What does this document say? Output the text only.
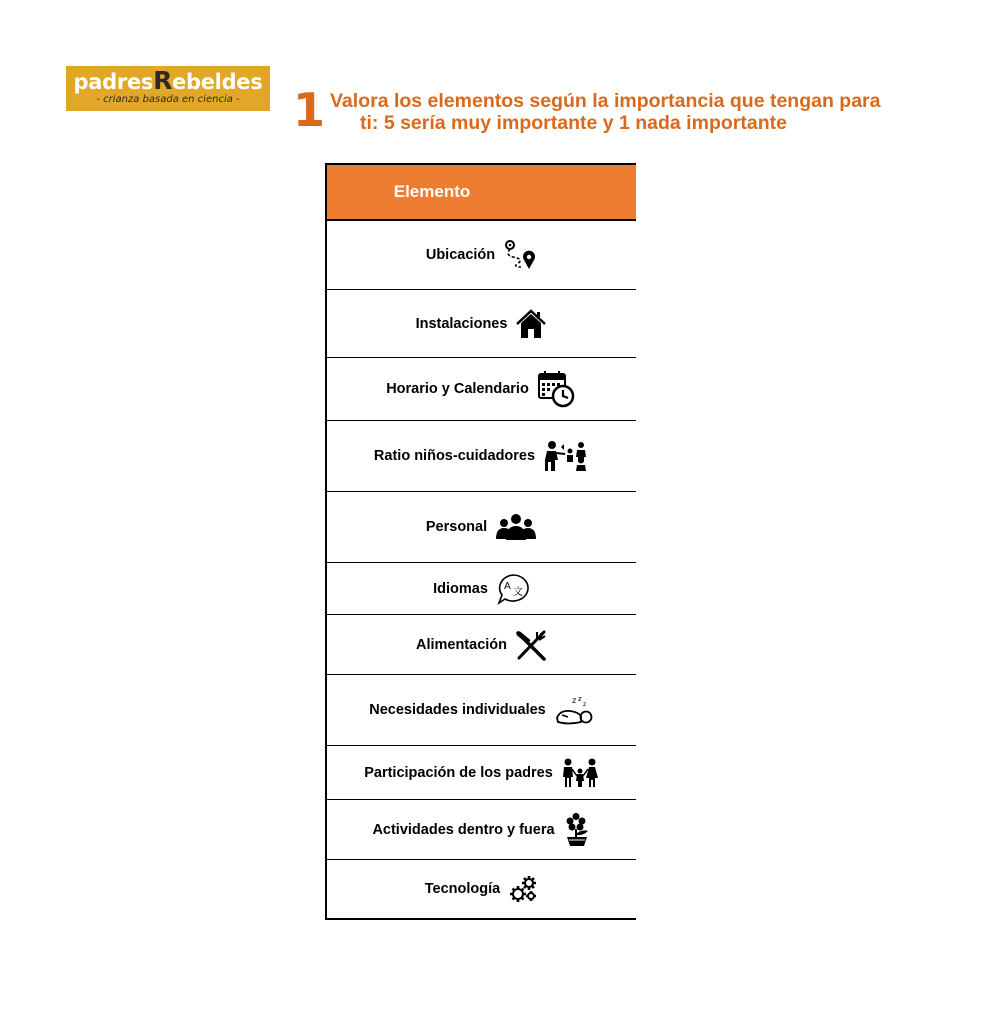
padresRebeldes
- crianza basada en ciencia -	1 Valora los elementos según la importancia que tengan para
ti: 5 sería muy importante y 1 nada importante
Elemento
Ubicación
Instalaciones
Horario y Calendario
Ratio niños-cuidadores
Personal
Idiomas A
文
Alimentación
Necesidades individuales
z z
z
Participación de los padres
Actividades dentro y fuera
Tecnología
